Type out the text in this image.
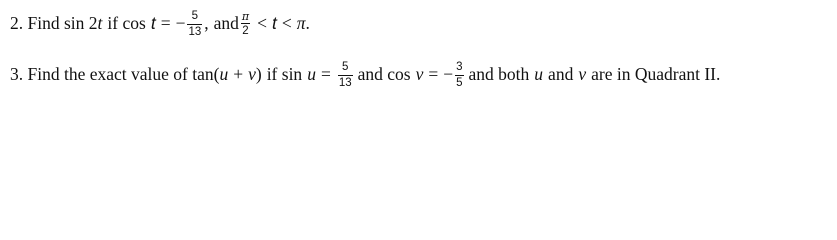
2. Find sin 2 t if cos t = − $\frac{5}{13}$ , and $\frac{\pi}{2} < t < \pi$ .
3. Find the exact value of tan( u + v ) if $\sin u = \frac{5}{13}$ and cos v = − $\frac{3}{5}$ and both u and v are in Quadrant II.
